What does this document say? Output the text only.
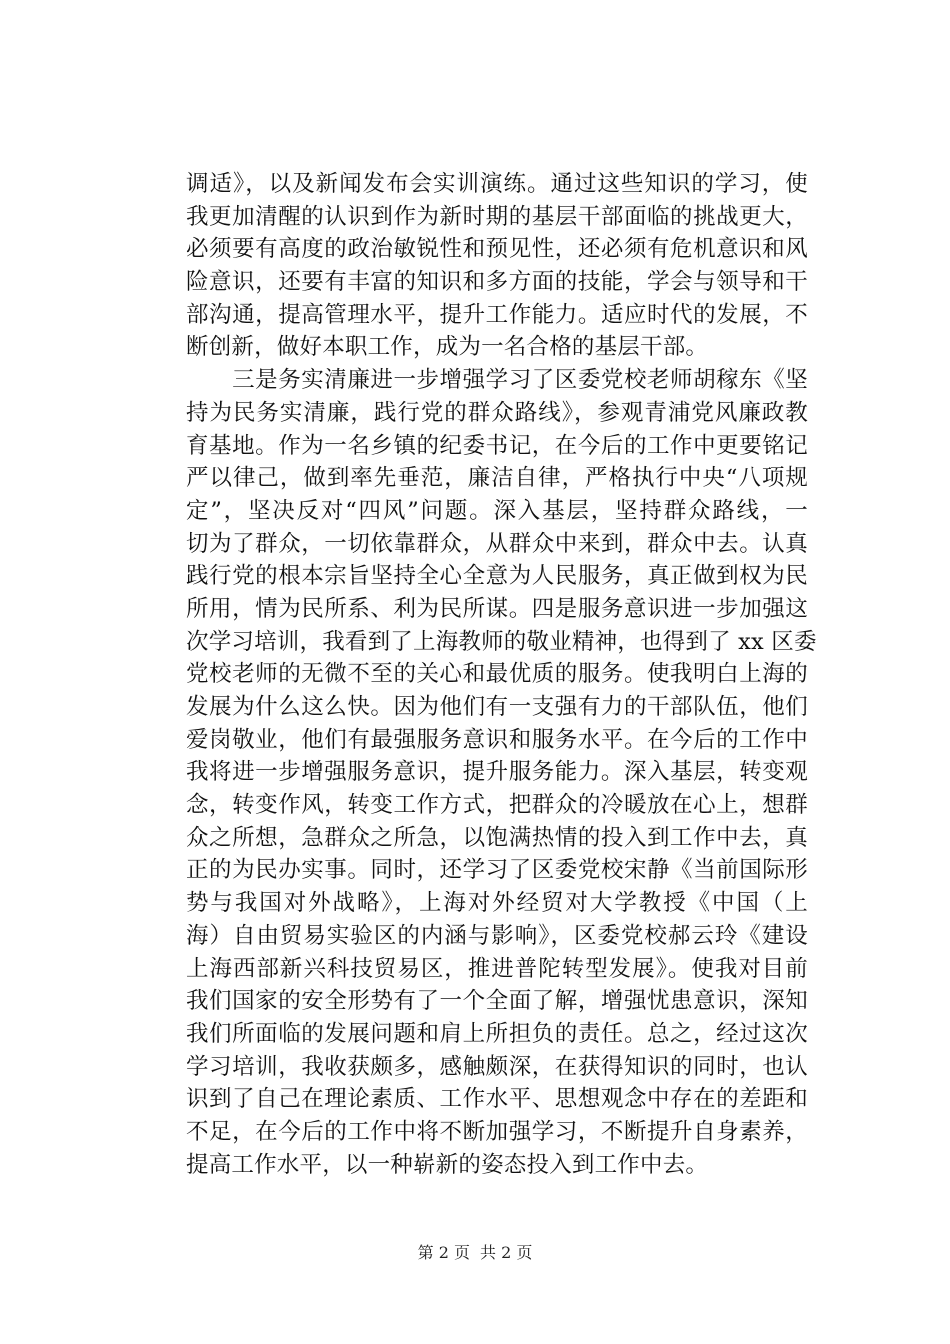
调适》，以及新闻发布会实训演练。通过这些知识的学习，使
我更加清醒的认识到作为新时期的基层干部面临的挑战更大，
必须要有高度的政治敏锐性和预见性，还必须有危机意识和风
险意识，还要有丰富的知识和多方面的技能，学会与领导和干
部沟通，提高管理水平，提升工作能力。适应时代的发展，不
断创新，做好本职工作，成为一名合格的基层干部。
　　三是务实清廉进一步增强学习了区委党校老师胡稼东《坚
持为民务实清廉，践行党的群众路线》，参观青浦党风廉政教
育基地。作为一名乡镇的纪委书记，在今后的工作中更要铭记
严以律己，做到率先垂范，廉洁自律，严格执行中央“八项规
定”，坚决反对“四风”问题。深入基层，坚持群众路线，一
切为了群众，一切依靠群众，从群众中来到，群众中去。认真
践行党的根本宗旨坚持全心全意为人民服务，真正做到权为民
所用，情为民所系、利为民所谋。四是服务意识进一步加强这
次学习培训，我看到了上海教师的敬业精神，也得到了 xx 区委
党校老师的无微不至的关心和最优质的服务。使我明白上海的
发展为什么这么快。因为他们有一支强有力的干部队伍，他们
爱岗敬业，他们有最强服务意识和服务水平。在今后的工作中
我将进一步增强服务意识，提升服务能力。深入基层，转变观
念，转变作风，转变工作方式，把群众的冷暖放在心上，想群
众之所想，急群众之所急，以饱满热情的投入到工作中去，真
正的为民办实事。同时，还学习了区委党校宋静《当前国际形
势与我国对外战略》，上海对外经贸对大学教授《中国（上
海）自由贸易实验区的内涵与影响》，区委党校郝云玲《建设
上海西部新兴科技贸易区，推进普陀转型发展》。使我对目前
我们国家的安全形势有了一个全面了解，增强忧患意识，深知
我们所面临的发展问题和肩上所担负的责任。总之，经过这次
学习培训，我收获颇多，感触颇深，在获得知识的同时，也认
识到了自己在理论素质、工作水平、思想观念中存在的差距和
不足，在今后的工作中将不断加强学习，不断提升自身素养，
提高工作水平，以一种崭新的姿态投入到工作中去。
第 2 页 共 2 页
